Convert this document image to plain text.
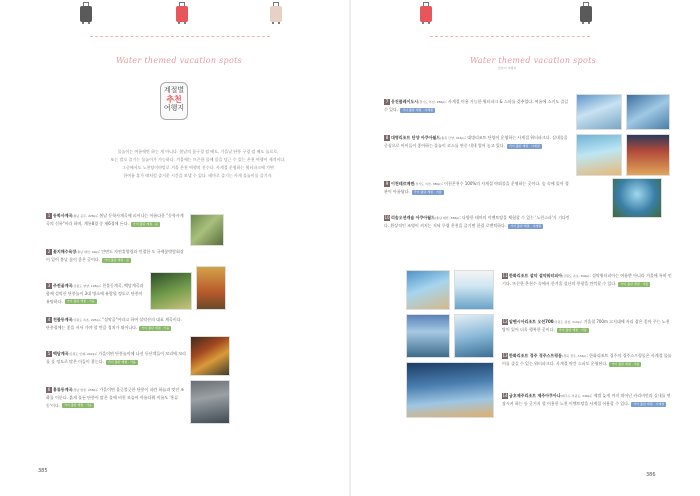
Water themed vacation spots
계절별
추천
여행지
물놀이는 여름에만 하는 게 아니다. 봄날의 꽃구경 겸 배도, 가을날 단풍 구경 겸 배도 놀으로,
또는 발로 즐기는 물놀이가 가능하다. 겨울에는 뜨끈한 물에 몸을 담근 수 있는 온천 여행이 제격이다.
그중에서도 노천탕이야말로 겨울 온천 여행의 진수다. 사계절 운영하는 워터파크에 가면
한여름 휴가 때처럼 즐거운 시간을 보낼 수 있다. 테마로 즐기는 사계 물놀이를 즐기자.
1 동학사계곡(충남 공주, 228p): 봄날 동학사계곡에 피어나는 아름다운 "동학사계곡의 신록"이라 하며, 계룡8경 중 제6경에 든다. 가이 출판 계절 · 봄
2 꽃지해수욕장(충남 태안, 49p): 안면도 자연휴양림과 인접한 도 국제꽃박람회장이 있어 봄날 꽃이 좋은 곳이다. 가이 출판 계절 · 봄
3 주전골계곡(강원도 양양, 198p): 천불동계곡, 백담계곡과 함께 설악산 단풍놀이 3대 명소에 유람될 정도로 단풍이 유명하다. 가이 출판 계절 · 가을
4 천불동계곡(강원도 속초, 205p): "설악골"이라고 하여 설악산의 대표 계곡이다. 단풍철에는 좋을 서서 가야 할 만큼 경치가 뛰어나다. 가이 출판 계절 · 가을
5 백담계곡(강원도 인제, 202p): 가을이면 단풍놀이에 나선 등산객들이 꼬리에 꼬리를 물 정도로 많은 이들이 찾는다. 가이 출판 계절 · 가을
6 홍류동계곡(경남 합천, 258p): 가을이면 울긋불긋한 단풍이 파란 하늘과 멋진 조화를 이룬다. 붉게 물든 단풍이 맑은 물에 비친 모습이 아름다워 이름도 '홍류동'이다. 가이 출판 계절 · 가을
385
Water themed vacation spots
물놀이 여행지
7 웅진플레이도시(경기도 부천, 286p): 사계절 이용 가능한 워터파크 & 스파를 갖추었다. 여름에 스키도 즐길 수 있다. 가이 출판 계절 · 사계절
8 대명리조트 단양 아쿠아월드(충북 단양, 314p): 대명리조트 단양이 운영하는 사계절 워터파크다. 실내물을 중심으로 아이들이 좋아하는 물놀이 코스를 연중 내내 열어 놓고 있다. 가이 출판 계절 · 사계절
9 이천테르메덴(경기도 이천, 380p): 이천온천수 100%의 사계절 야외풀을 운영하는 곳이다. 숲 속에 있어 경관이 아름답다. 가이 출판 계절 · 겨울
10리솜오션캐슬 아쿠아월드(충남 태안, 386p): 다양한 테마의 이벤트탕을 체험할 수 있는 '노천스파'가 기다린다. 환상적인 조명이 켜지는 저녁 무렵 온천을 즐기면 한결 로맨틱하다. 가이 출판 계절 · 사계절
11한화리조트 설악 설악워터피아(강원도 속초, 306p): 설악워터피아는 여름뿐 아니라 겨울에 특히 인기다. 뜨끈한 온천수 속에서 한겨울 설산의 풍광을 만끽할 수 있다. 가이 출판 계절 · 겨울
12알펜시아리조트 오션700(강원도 평창, 310p): 겨울철 700m 고지대에 자리 잡은 좋아 주는 노천탕이 있어 더욱 행복한 곳이다. 가이 출판 계절 · 겨울
13한화리조트 경주 경주스프링돔(경북 경주, 332p): 한화리조트 경주의 경주스프링돔은 사계절 물놀이를 즐길 수 있는 워터파크다. 사계절 야간 스파도 운영된다. 가이 출판 계절 · 겨울
14금호제주리조트 제주아쿠아나(제주도 서귀포, 348p): 제법 늦게 까지 뛰어난 카리비안과 실내를 연장시켜 하는 등 굿거지 할 이용한 노천 이벤트탕을 사계절 이용할 수 있다. 가이 출판 계절 · 사계절
386
